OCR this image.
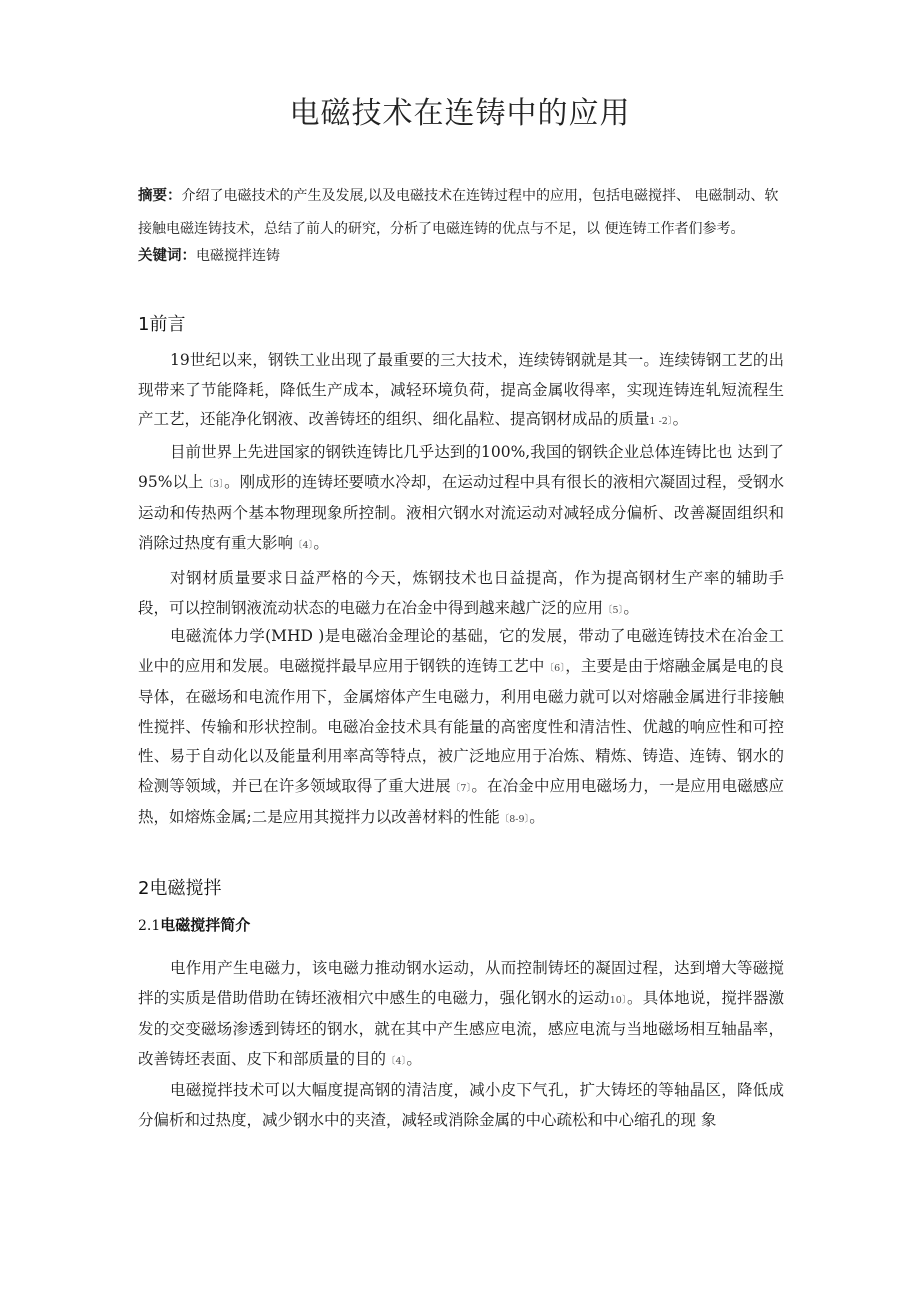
电磁技术在连铸中的应用
摘要：介绍了电磁技术的产生及发展,以及电磁技术在连铸过程中的应用，包括电磁搅拌、 电磁制动、软接触电磁连铸技术，总结了前人的研究，分析了电磁连铸的优点与不足，以 便连铸工作者们参考。
关键词：电磁搅拌连铸
1前言

19世纪以来，钢铁工业出现了最重要的三大技术，连续铸钢就是其一。连续铸钢工艺的出现带来了节能降耗，降低生产成本，减轻环境负荷，提高金属收得率，实现连铸连轧短流程生产工艺，还能净化钢液、改善铸坯的组织、细化晶粒、提高钢材成品的质量1 -2〕。

目前世界上先进国家的钢铁连铸比几乎达到的100%,我国的钢铁企业总体连铸比也 达到了　95%以上〔3〕。刚成形的连铸坯要喷水冷却，在运动过程中具有很长的液相穴凝固过程，受钢水运动和传热两个基本物理现象所控制。液相穴钢水对流运动对减轻成分偏析、改善凝固组织和消除过热度有重大影响〔4〕。

对钢材质量要求日益严格的今天，炼钢技术也日益提高，作为提高钢材生产率的辅助手 段，可以控制钢液流动状态的电磁力在冶金中得到越来越广泛的应用〔5〕。

电磁流体力学(MHD )是电磁冶金理论的基础，它的发展，带动了电磁连铸技术在冶金工业中的应用和发展。电磁搅拌最早应用于钢铁的连铸工艺中〔6〕，主要是由于熔融金属是电的良导体，在磁场和电流作用下，金属熔体产生电磁力，利用电磁力就可以对熔融金属进行非接触性搅拌、传输和形状控制。电磁冶金技术具有能量的高密度性和清洁性、优越的响应性和可控性、易于自动化以及能量利用率高等特点，被广泛地应用于冶炼、精炼、铸造、连铸、钢水的检测等领域，并已在许多领域取得了重大进展〔7〕。在冶金中应用电磁场力，一是应用电磁感应热，如熔炼金属;二是应用其搅拌力以改善材料的性能〔8-9〕。

2电磁搅拌
2.1电磁搅拌简介

电作用产生电磁力，该电磁力推动钢水运动，从而控制铸坯的凝固过程，达到增大等磁搅拌的实质是借助借助在铸坯液相穴中感生的电磁力，强化钢水的运动10〕。具体地说，搅拌器激发的交变磁场渗透到铸坯的钢水，就在其中产生感应电流，感应电流与当地磁场相互轴晶率，改善铸坯表面、皮下和部质量的目的〔4〕。

电磁搅拌技术可以大幅度提高钢的清洁度，减小皮下气孔，扩大铸坯的等轴晶区，降低成分偏析和过热度，减少钢水中的夹渣，减轻或消除金属的中心疏松和中心缩孔的现 象
